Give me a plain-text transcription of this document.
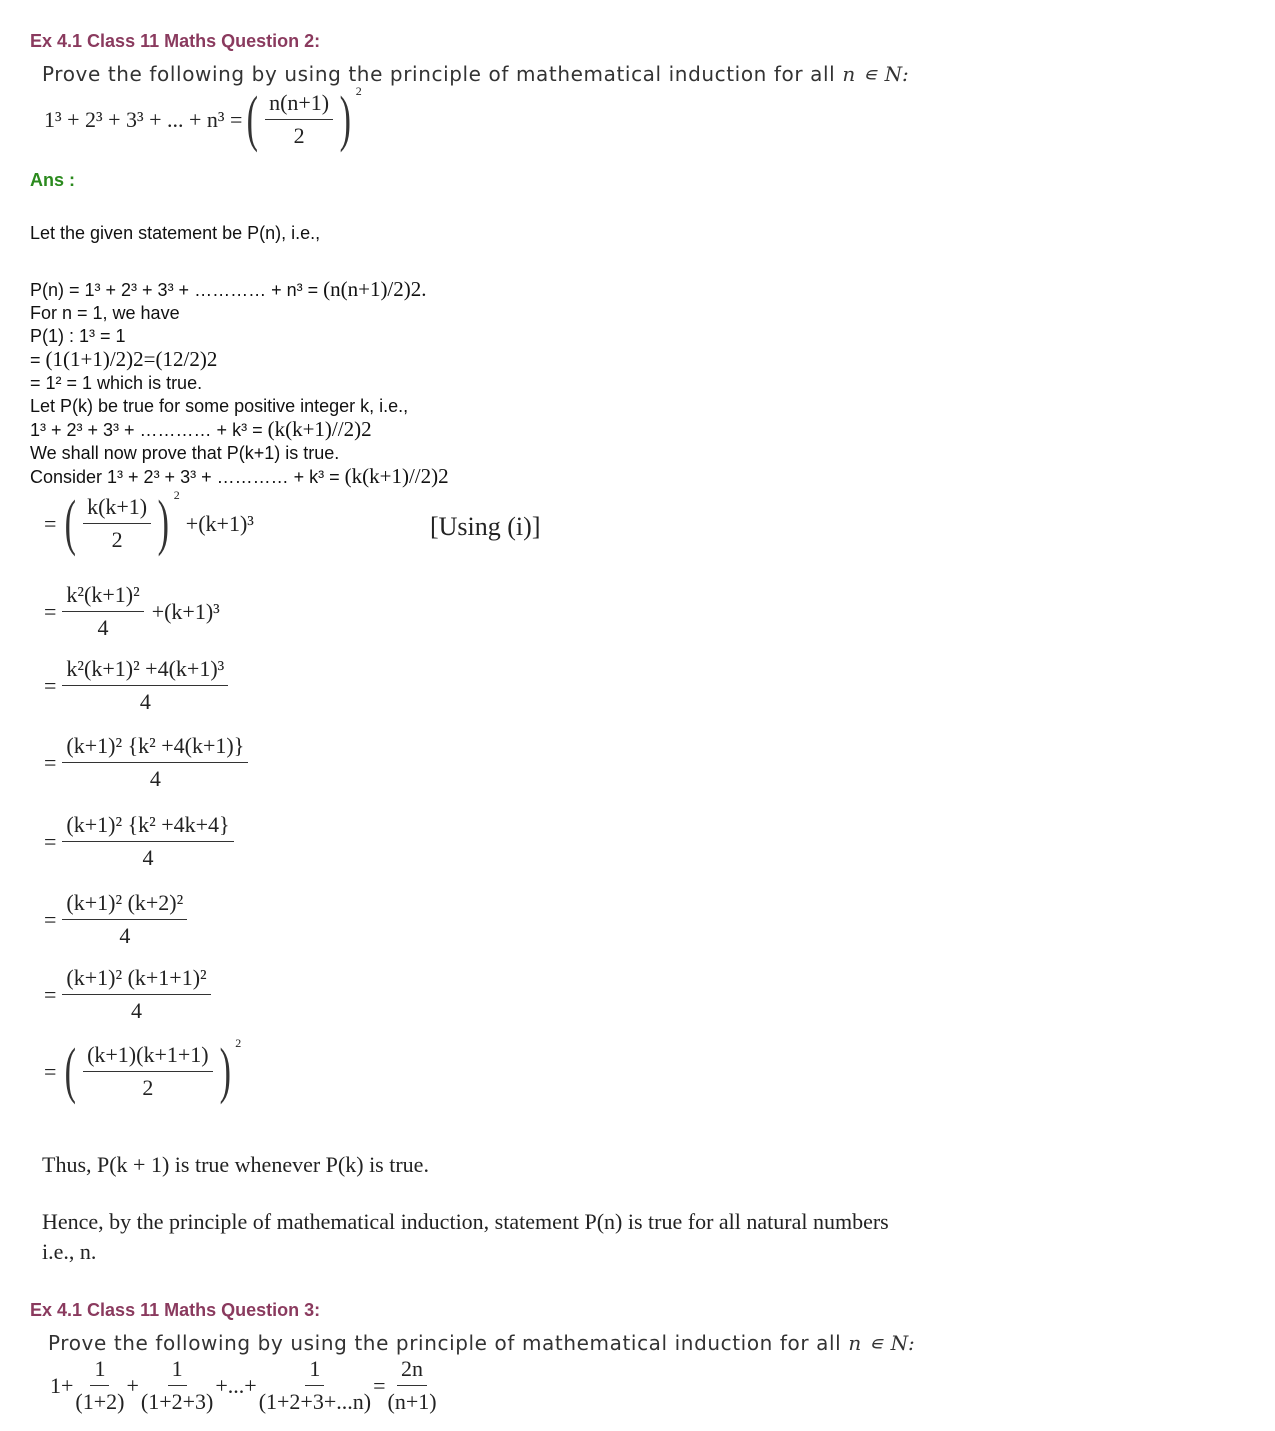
Ex 4.1 Class 11 Maths Question 2:
Prove the following by using the principle of mathematical induction for all n ∊ N:
1³ + 2³ + 3³ + ... + n³ = ( $\frac{n(n+1)}{2}$ ) 2
Ans :
Let the given statement be P(n), i.e.,
P(n) = 1³ + 2³ + 3³ + ………… + n³ = (n(n+1)/2)2.
For n = 1, we have
P(1) : 1³ = 1
= (1(1+1)/2)2=(12/2)2
= 1² = 1 which is true.
Let P(k) be true for some positive integer k, i.e.,
1³ + 2³ + 3³ + ………… + k³ = (k(k+1)//2)2
We shall now prove that P(k+1) is true.
Consider 1³ + 2³ + 3³ + ………… + k³ = (k(k+1)//2)2
= ( $\frac{k(k+1)}{2}$ ) 2
+(k+1)³
= $\frac{\text{k²(k+1)²}}{4} +(k+1)^3$
= $\frac{\text{k²(k+1)² +4(k+1)³}}{4}$
= $\frac{\text{(k+1)² \{k² +4(k+1)\}}}{4}$
= $\frac{\text{(k+1)² \{k² +4k+4\}}}{4}$
= $\frac{\text{(k+1)² (k+2)²}}{4}$
= $\frac{\text{(k+1)² (k+1+1)²}}{4}$
= ( $\frac{(k+1)(k+1+1)}{2}$ ) 2
[Using (i)]
Thus, P(k + 1) is true whenever P(k) is true.
Hence, by the principle of mathematical induction, statement P(n) is true for all natural numbers i.e., n.
Ex 4.1 Class 11 Maths Question 3:
Prove the following by using the principle of mathematical induction for all n ∊ N:
$1+ \frac{1}{(1+2)} + \frac{1}{(1+2+3)}$ +...+ $\frac{1}{(1+2+3+...n)} = \frac{2n}{(n+1)}$
